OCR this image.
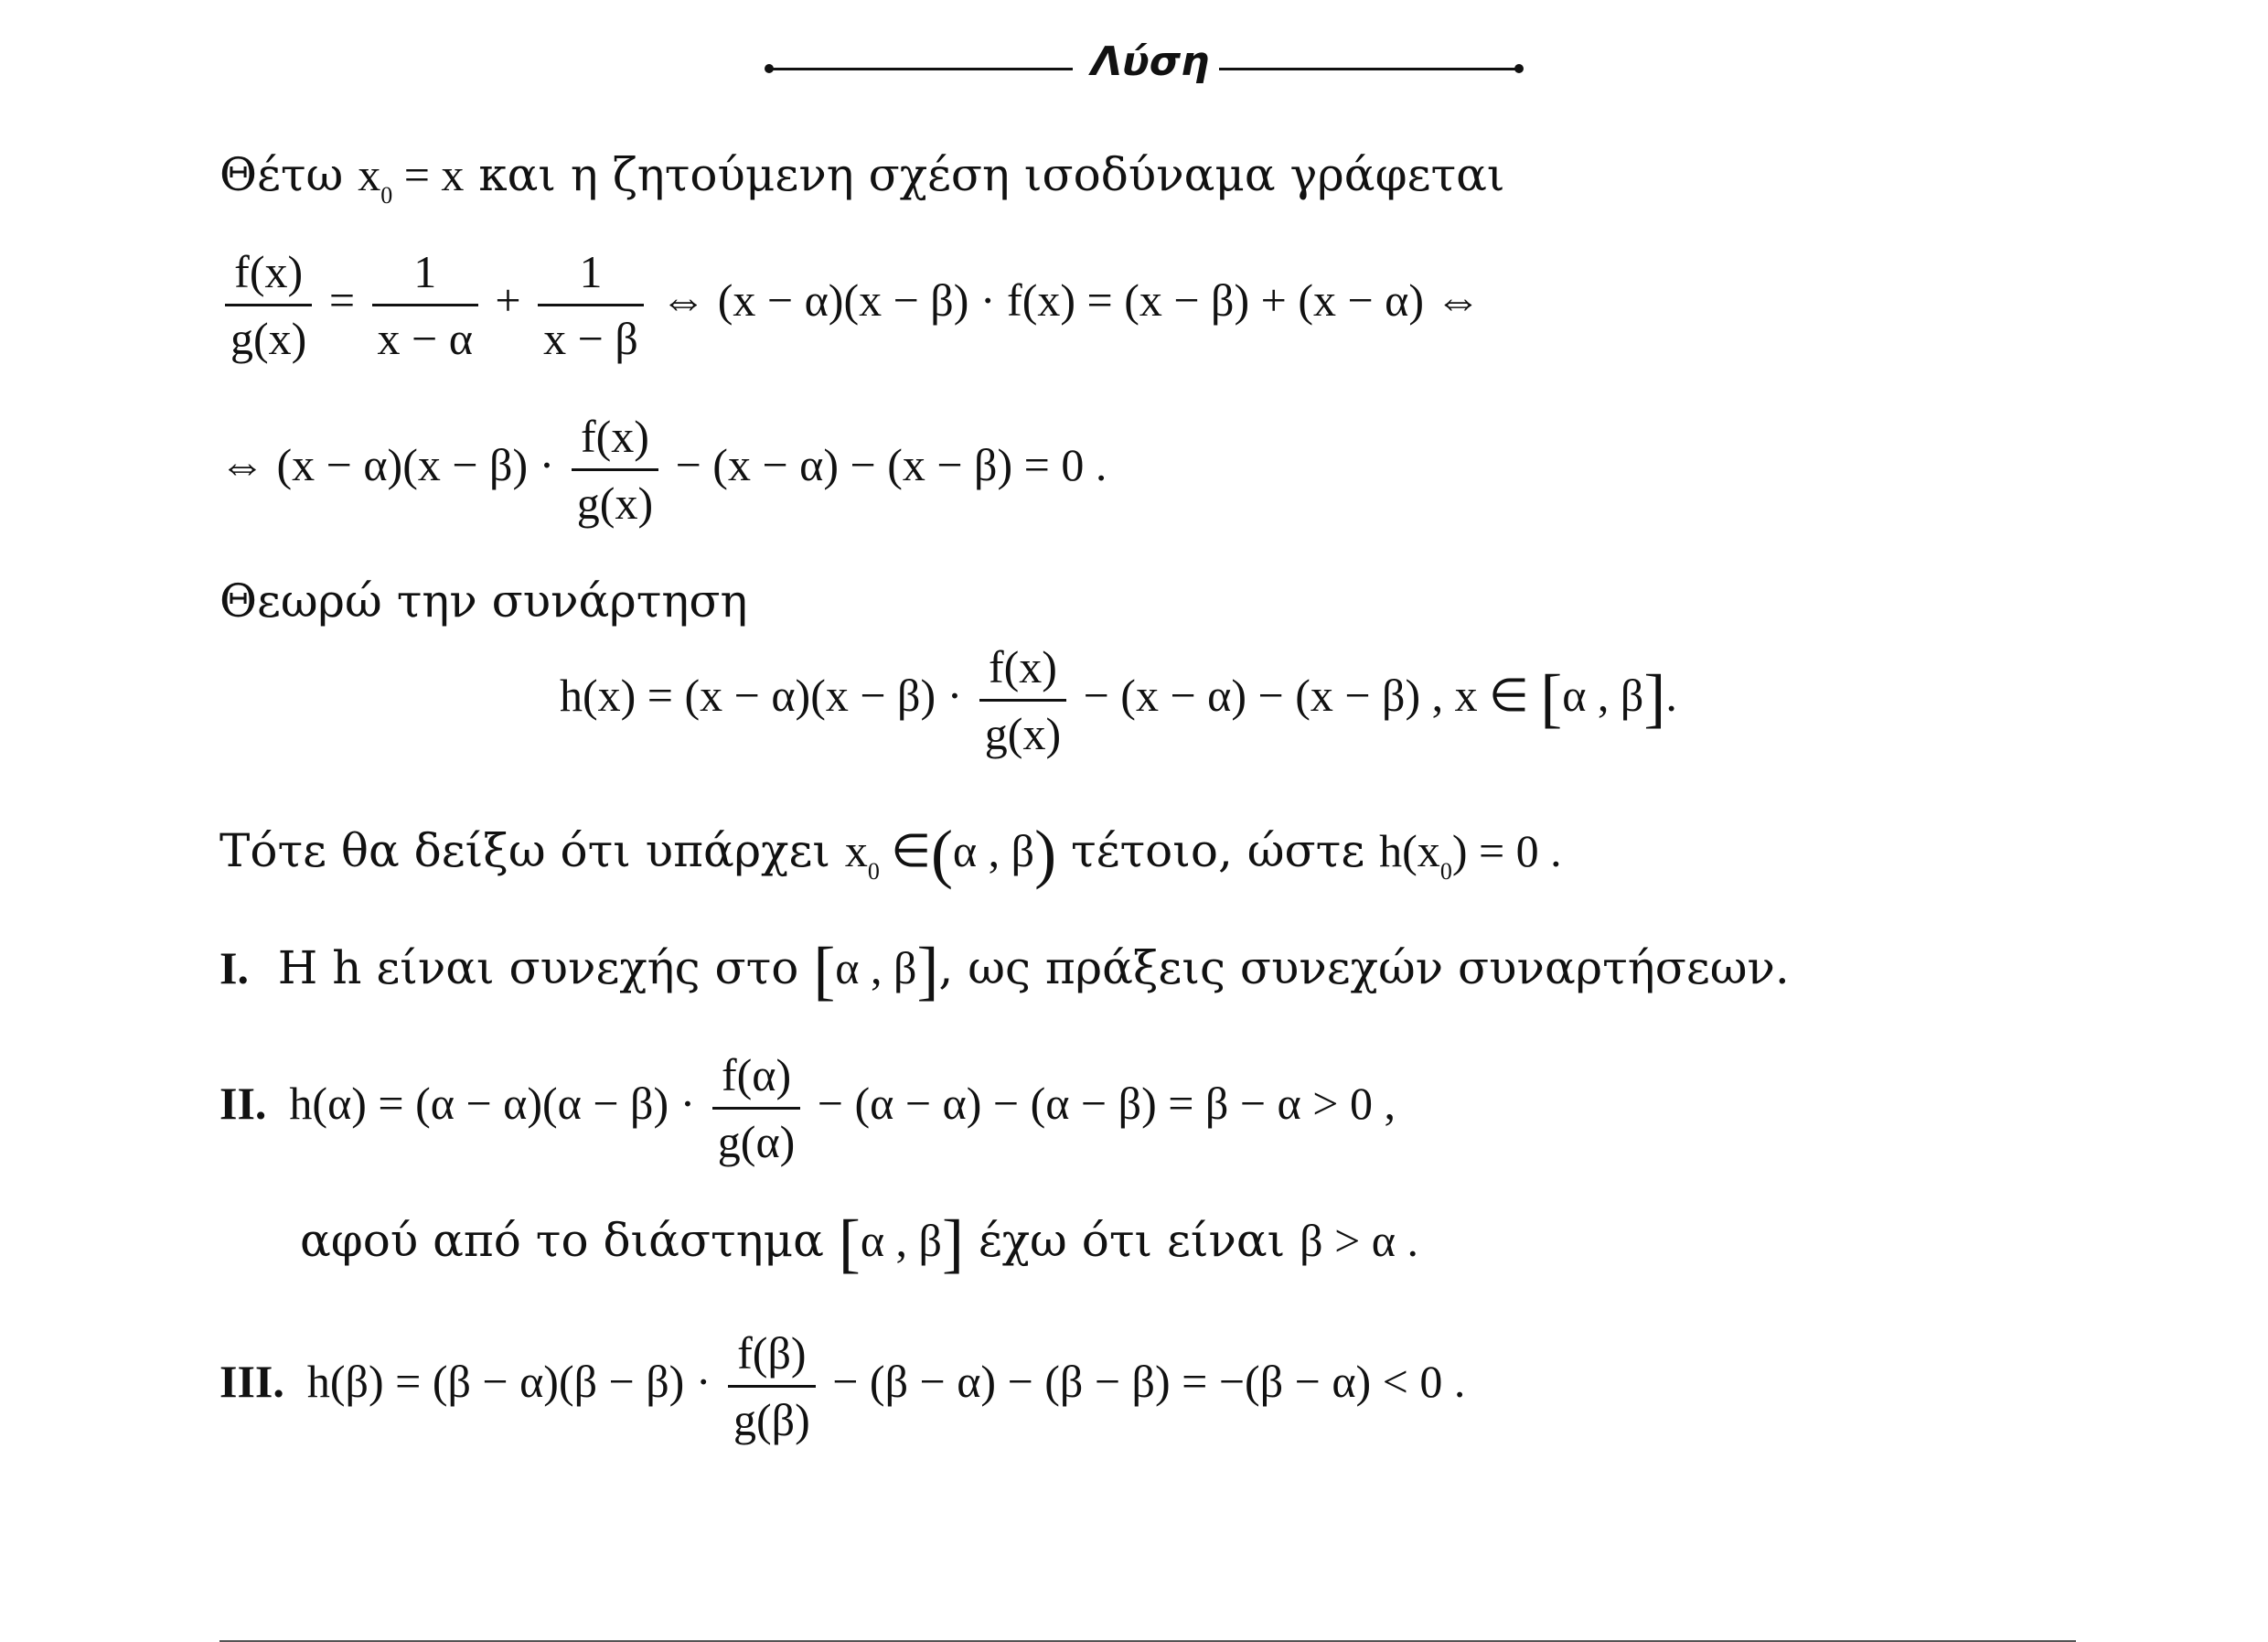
Λύση
Θέτω $x_0 = x$ και η ζητούμενη σχέση ισοδύναμα γράφεται
$\frac{f(x)}{g(x)} = \frac{1}{x - \alpha} + \frac{1}{x - \beta}$ ⇔ (x − α)(x − β) · f(x) = (x − β) + (x − α) ⇔
⇔ $(x - \alpha)(x - \beta) \cdot \frac{f(x)}{g(x)} - (x - \alpha) - (x - \beta) = 0$ .
Θεωρώ την συνάρτηση
$h(x) = (x - \alpha)(x - \beta) \cdot \frac{f(x)}{g(x)} - (x - \alpha) - (x - \beta)$ , x ∈ [α , β].
Τότε θα δείξω ότι υπάρχει $x_0$ ∈(α , β) τέτοιο, ώστε $h(x_0) = 0$ .
I. Η h είναι συνεχής στο [α , β], ως πράξεις συνεχών συναρτήσεων.
II. $h(\alpha) = (\alpha - \alpha)(\alpha - \beta) \cdot \frac{f(\alpha)}{g(\alpha)} - (\alpha - \alpha) - (\alpha - \beta) = \beta - \alpha > 0$ ,
αφού από το διάστημα [α , β] έχω ότι είναι β > α .
III. $h(\beta) = (\beta - \alpha)(\beta - \beta) \cdot \frac{f(\beta)}{g(\beta)} - (\beta - \alpha) - (\beta - \beta) = -(\beta - \alpha) < 0$ .
